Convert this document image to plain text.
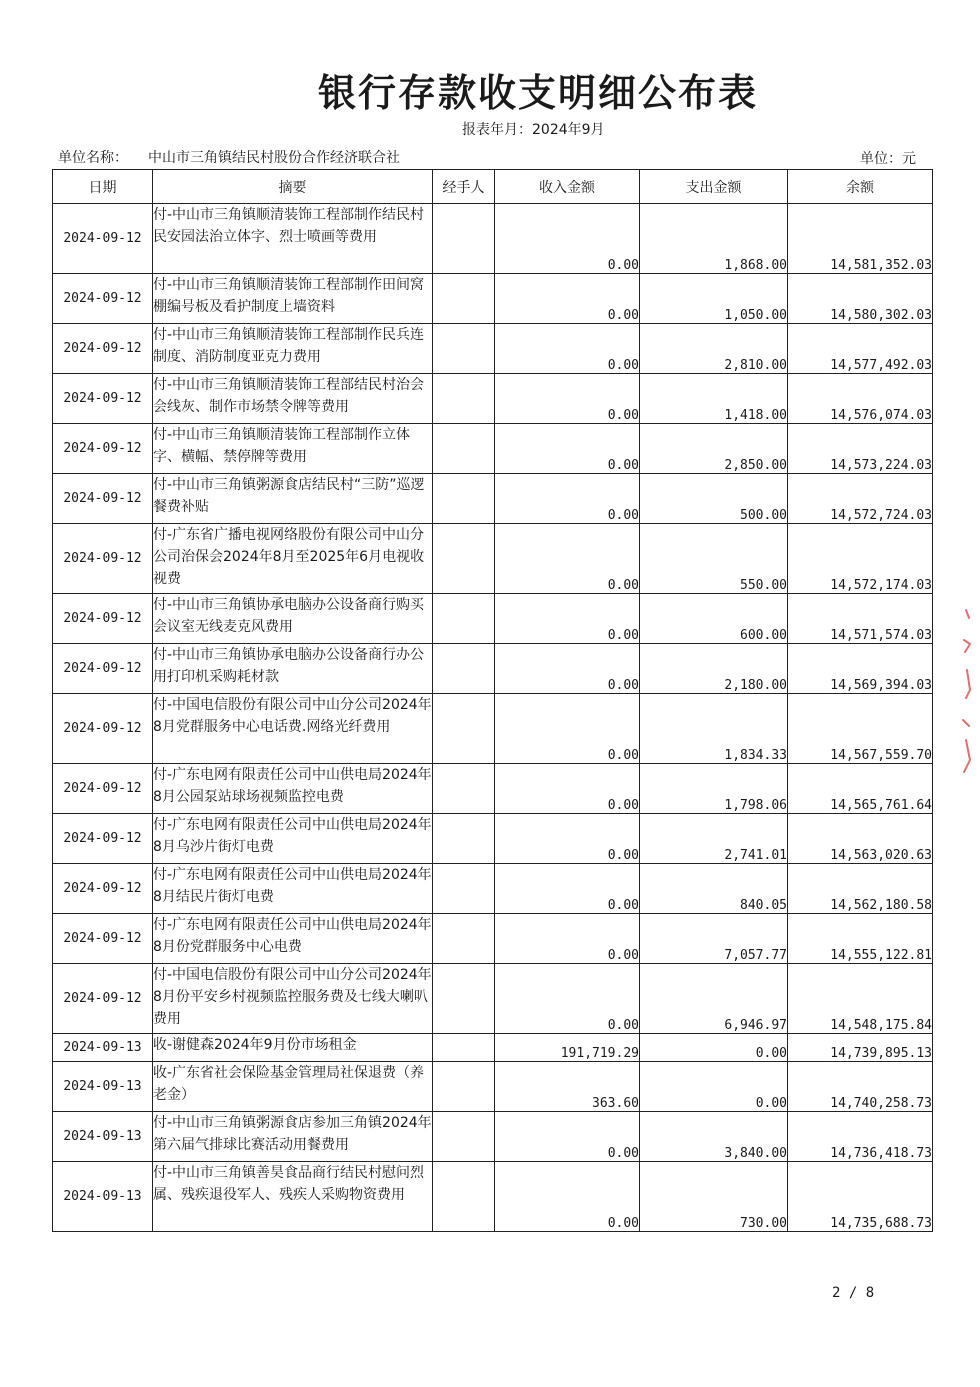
银行存款收支明细公布表
报表年月：2024年9月
单位名称： 中山市三角镇结民村股份合作经济联合社	单位：元
日期	摘要	经手人	收入金额	支出金额	余额
2024-09-12	付-中山市三角镇顺清装饰工程部制作结民村民安园法治立体字、烈士喷画等费用		0.00	1,868.00	14,581,352.03
2024-09-12	付-中山市三角镇顺清装饰工程部制作田间窝棚编号板及看护制度上墙资料		0.00	1,050.00	14,580,302.03
2024-09-12	付-中山市三角镇顺清装饰工程部制作民兵连制度、消防制度亚克力费用		0.00	2,810.00	14,577,492.03
2024-09-12	付-中山市三角镇顺清装饰工程部结民村治会会线灰、制作市场禁令牌等费用		0.00	1,418.00	14,576,074.03
2024-09-12	付-中山市三角镇顺清装饰工程部制作立体字、横幅、禁停牌等费用		0.00	2,850.00	14,573,224.03
2024-09-12	付-中山市三角镇粥源食店结民村“三防”巡逻餐费补贴		0.00	500.00	14,572,724.03
2024-09-12	付-广东省广播电视网络股份有限公司中山分公司治保会2024年8月至2025年6月电视收视费		0.00	550.00	14,572,174.03
2024-09-12	付-中山市三角镇协承电脑办公设备商行购买会议室无线麦克风费用		0.00	600.00	14,571,574.03
2024-09-12	付-中山市三角镇协承电脑办公设备商行办公用打印机采购耗材款		0.00	2,180.00	14,569,394.03
2024-09-12	付-中国电信股份有限公司中山分公司2024年8月党群服务中心电话费.网络光纤费用		0.00	1,834.33	14,567,559.70
2024-09-12	付-广东电网有限责任公司中山供电局2024年8月公园泵站球场视频监控电费		0.00	1,798.06	14,565,761.64
2024-09-12	付-广东电网有限责任公司中山供电局2024年8月乌沙片街灯电费		0.00	2,741.01	14,563,020.63
2024-09-12	付-广东电网有限责任公司中山供电局2024年8月结民片街灯电费		0.00	840.05	14,562,180.58
2024-09-12	付-广东电网有限责任公司中山供电局2024年8月份党群服务中心电费		0.00	7,057.77	14,555,122.81
2024-09-12	付-中国电信股份有限公司中山分公司2024年8月份平安乡村视频监控服务费及七线大喇叭费用		0.00	6,946.97	14,548,175.84
2024-09-13	收-谢健森2024年9月份市场租金		191,719.29	0.00	14,739,895.13
2024-09-13	收-广东省社会保险基金管理局社保退费（养老金）		363.60	0.00	14,740,258.73
2024-09-13	付-中山市三角镇粥源食店参加三角镇2024年第六届气排球比赛活动用餐费用		0.00	3,840.00	14,736,418.73
2024-09-13	付-中山市三角镇善昊食品商行结民村慰问烈属、残疾退役军人、残疾人采购物资费用		0.00	730.00	14,735,688.73
2 / 8
